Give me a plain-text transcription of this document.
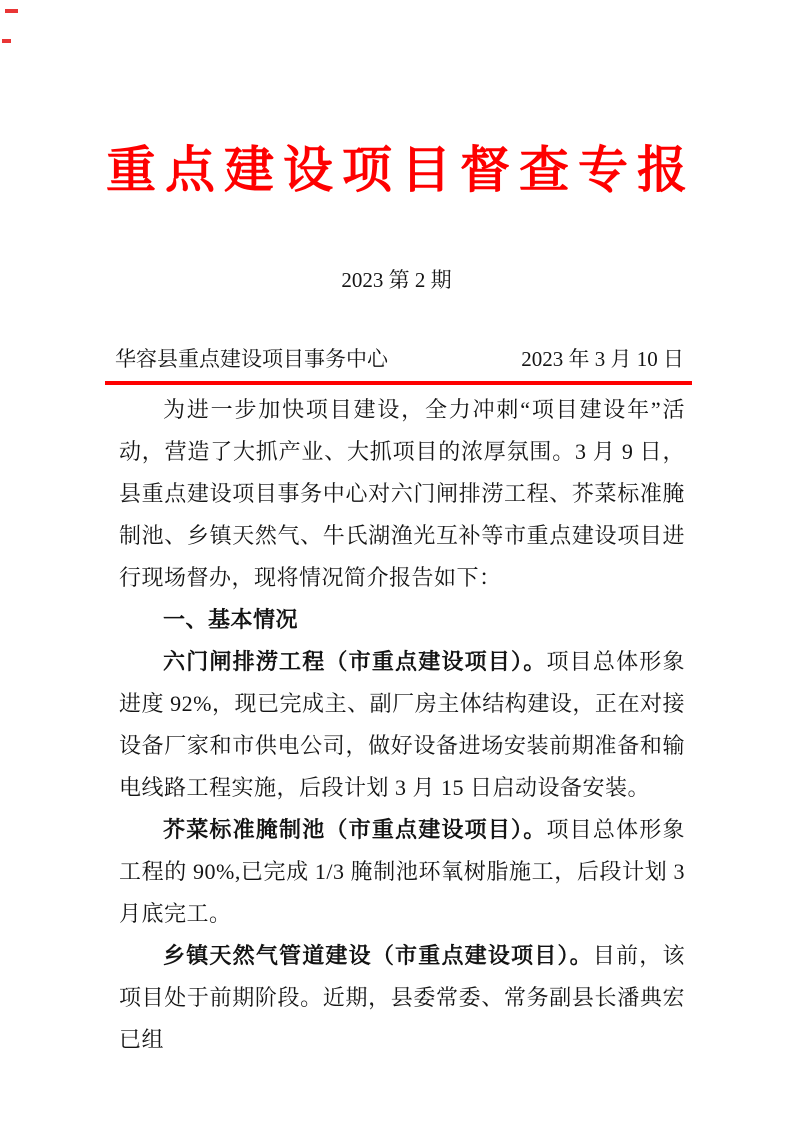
重点建设项目督查专报
2023 第 2 期
华容县重点建设项目事务中心	2023 年 3 月 10 日

为进一步加快项目建设，全力冲刺“项目建设年”活动，营造了大抓产业、大抓项目的浓厚氛围。3 月 9 日，县重点建设项目事务中心对六门闸排涝工程、芥菜标准腌制池、乡镇天然气、牛氏湖渔光互补等市重点建设项目进行现场督办，现将情况简介报告如下：

一、基本情况

六门闸排涝工程（市重点建设项目）。项目总体形象进度 92%，现已完成主、副厂房主体结构建设，正在对接设备厂家和市供电公司，做好设备进场安装前期准备和输电线路工程实施，后段计划 3 月 15 日启动设备安装。

芥菜标准腌制池（市重点建设项目）。项目总体形象工程的 90%,已完成 1/3 腌制池环氧树脂施工，后段计划 3 月底完工。

乡镇天然气管道建设（市重点建设项目）。目前，该项目处于前期阶段。近期，县委常委、常务副县长潘典宏已组
